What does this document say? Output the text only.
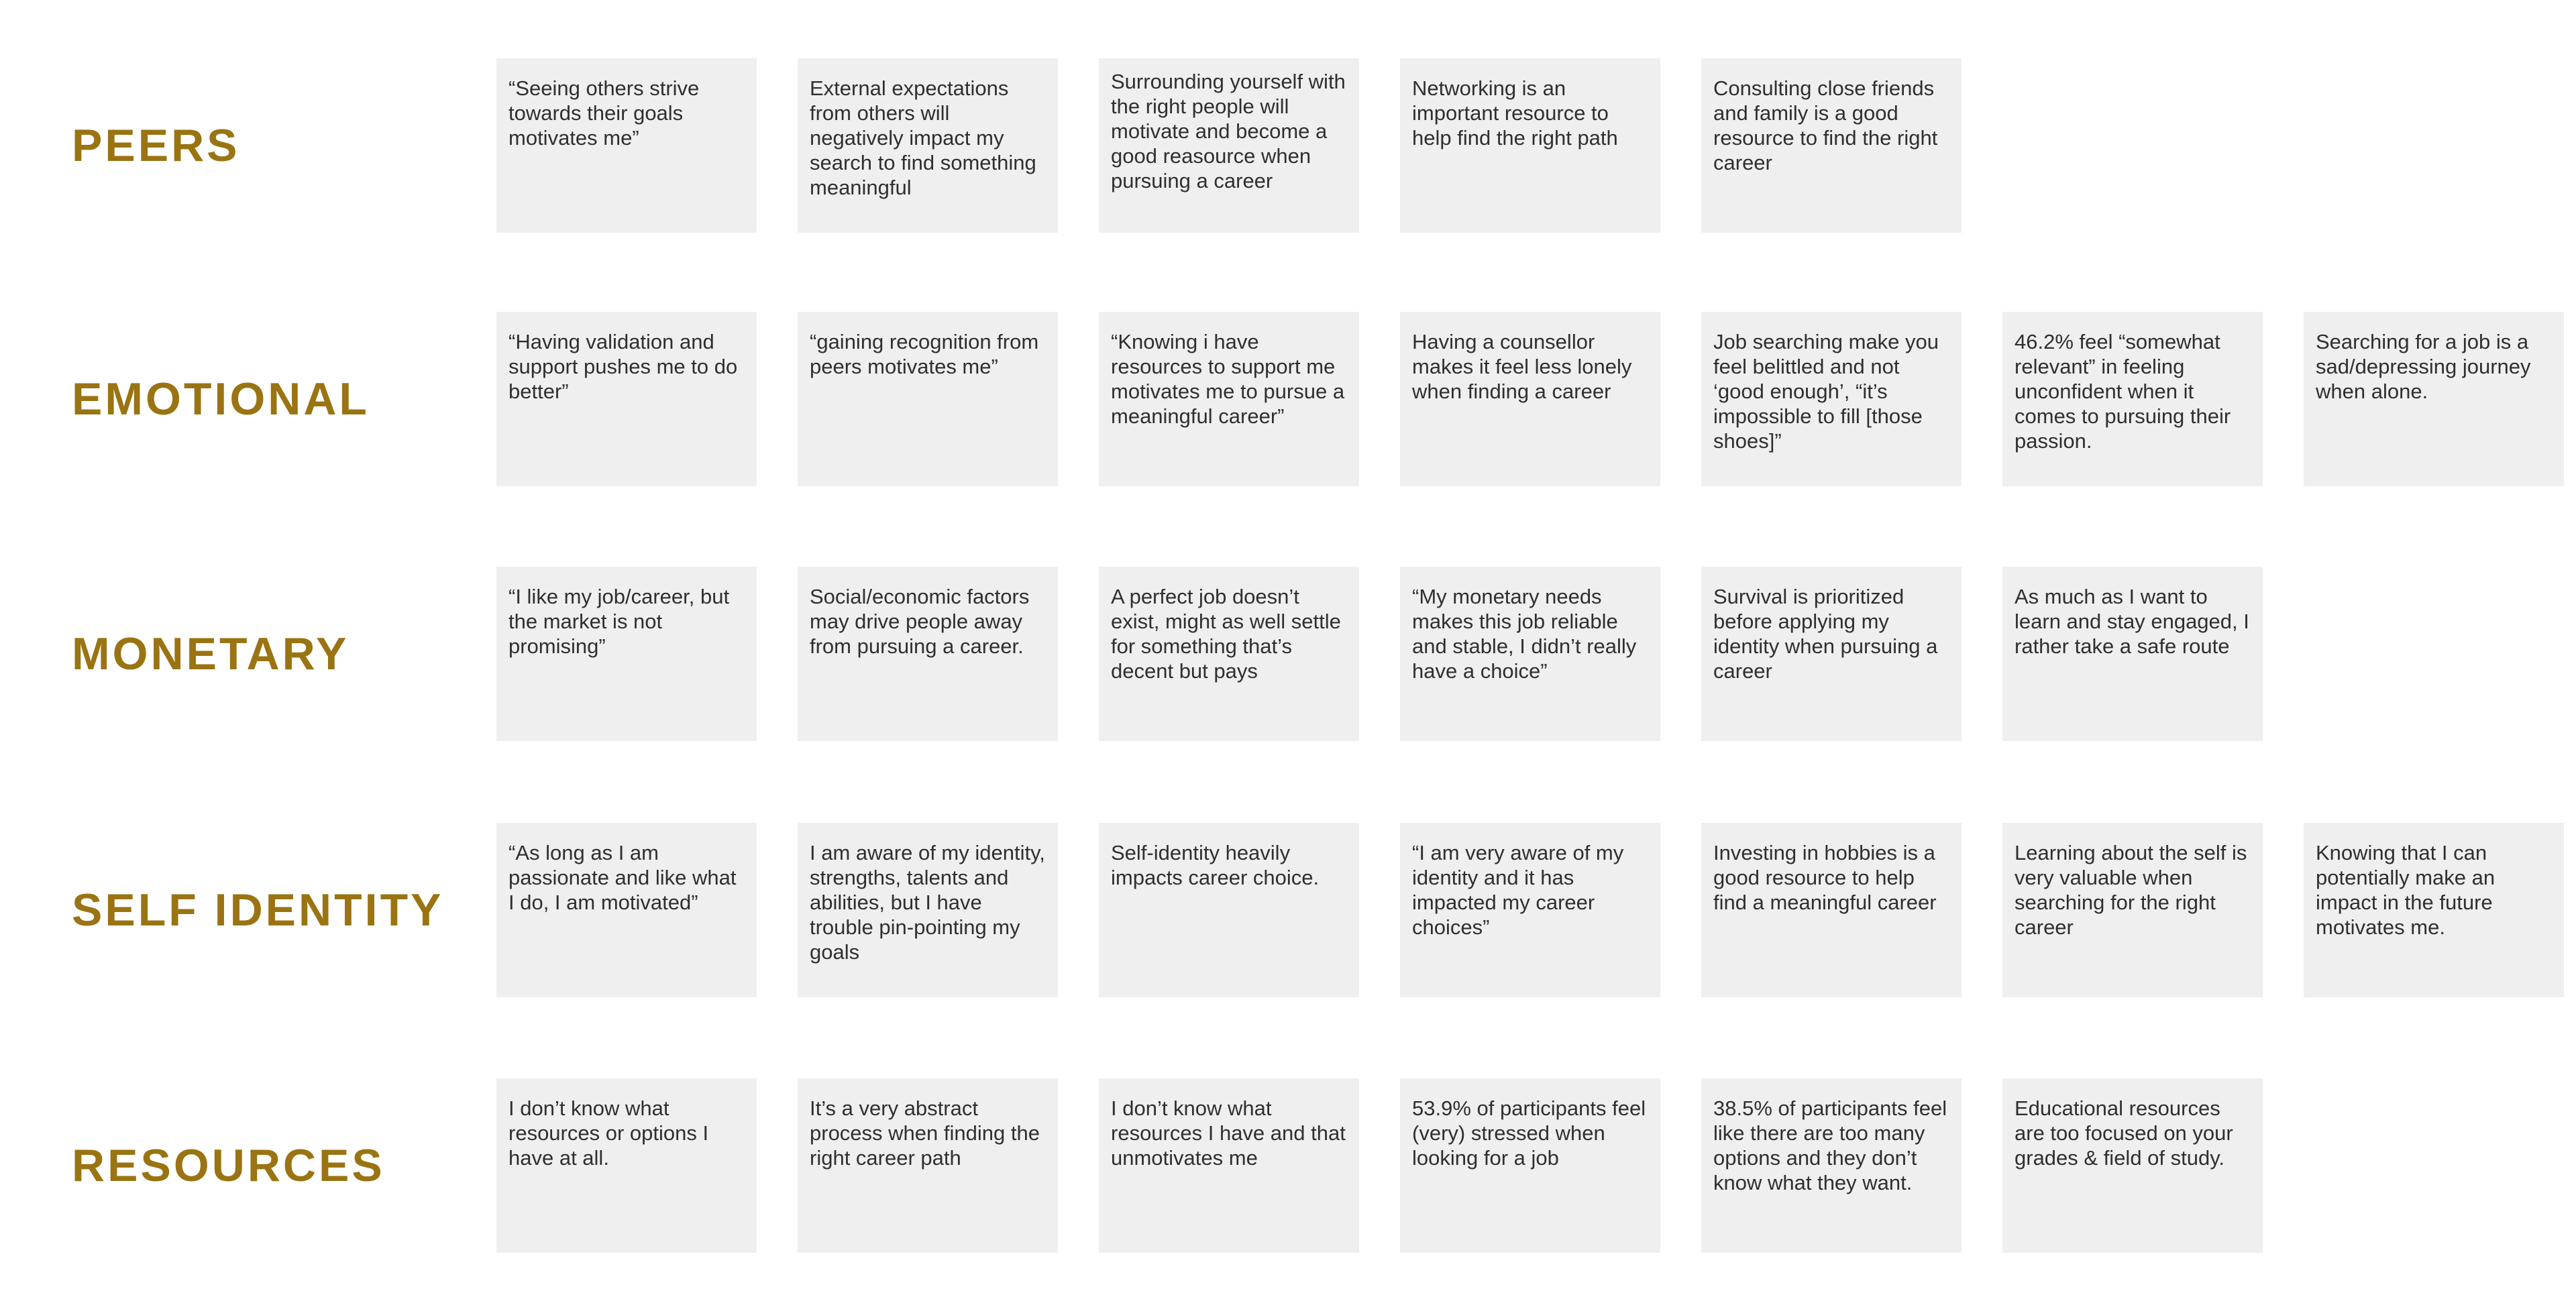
PEERS
“Seeing others strive towards their goals motivates me”
External expectations from others will negatively impact my search to find something meaningful
Surrounding yourself with the right people will motivate and become a good reasource when pursuing a career
Networking is an important resource to help find the right path
Consulting close friends and family is a good resource to find the right career
EMOTIONAL
“Having validation and support pushes me to do better”
“gaining recognition from peers motivates me”
“Knowing i have resources to support me motivates me to pursue a meaningful career”
Having a counsellor makes it feel less lonely when finding a career
Job searching make you feel belittled and not ‘good enough’, “it’s impossible to fill [those shoes]”
46.2% feel “somewhat relevant” in feeling unconfident when it comes to pursuing their passion.
Searching for a job is a sad/depressing journey when alone.
MONETARY
“I like my job/career, but the market is not promising”
Social/economic factors may drive people away from pursuing a career.
A perfect job doesn’t exist, might as well settle for something that’s decent but pays
“My monetary needs makes this job reliable and stable, I didn’t really have a choice”
Survival is prioritized before applying my identity when pursuing a career
As much as I want to learn and stay engaged, I rather take a safe route
SELF IDENTITY
“As long as I am passionate and like what I do, I am motivated”
I am aware of my identity, strengths, talents and abilities, but I have trouble pin-pointing my goals
Self-identity heavily impacts career choice.
“I am very aware of my identity and it has impacted my career choices”
Investing in hobbies is a good resource to help find a meaningful career
Learning about the self is very valuable when searching for the right career
Knowing that I can potentially make an impact in the future motivates me.
RESOURCES
I don’t know what resources or options I have at all.
It’s a very abstract process when finding the right career path
I don’t know what resources I have and that unmotivates me
53.9% of participants feel (very) stressed when looking for a job
38.5% of participants feel like there are too many options and they don’t know what they want.
Educational resources are too focused on your grades & field of study.
